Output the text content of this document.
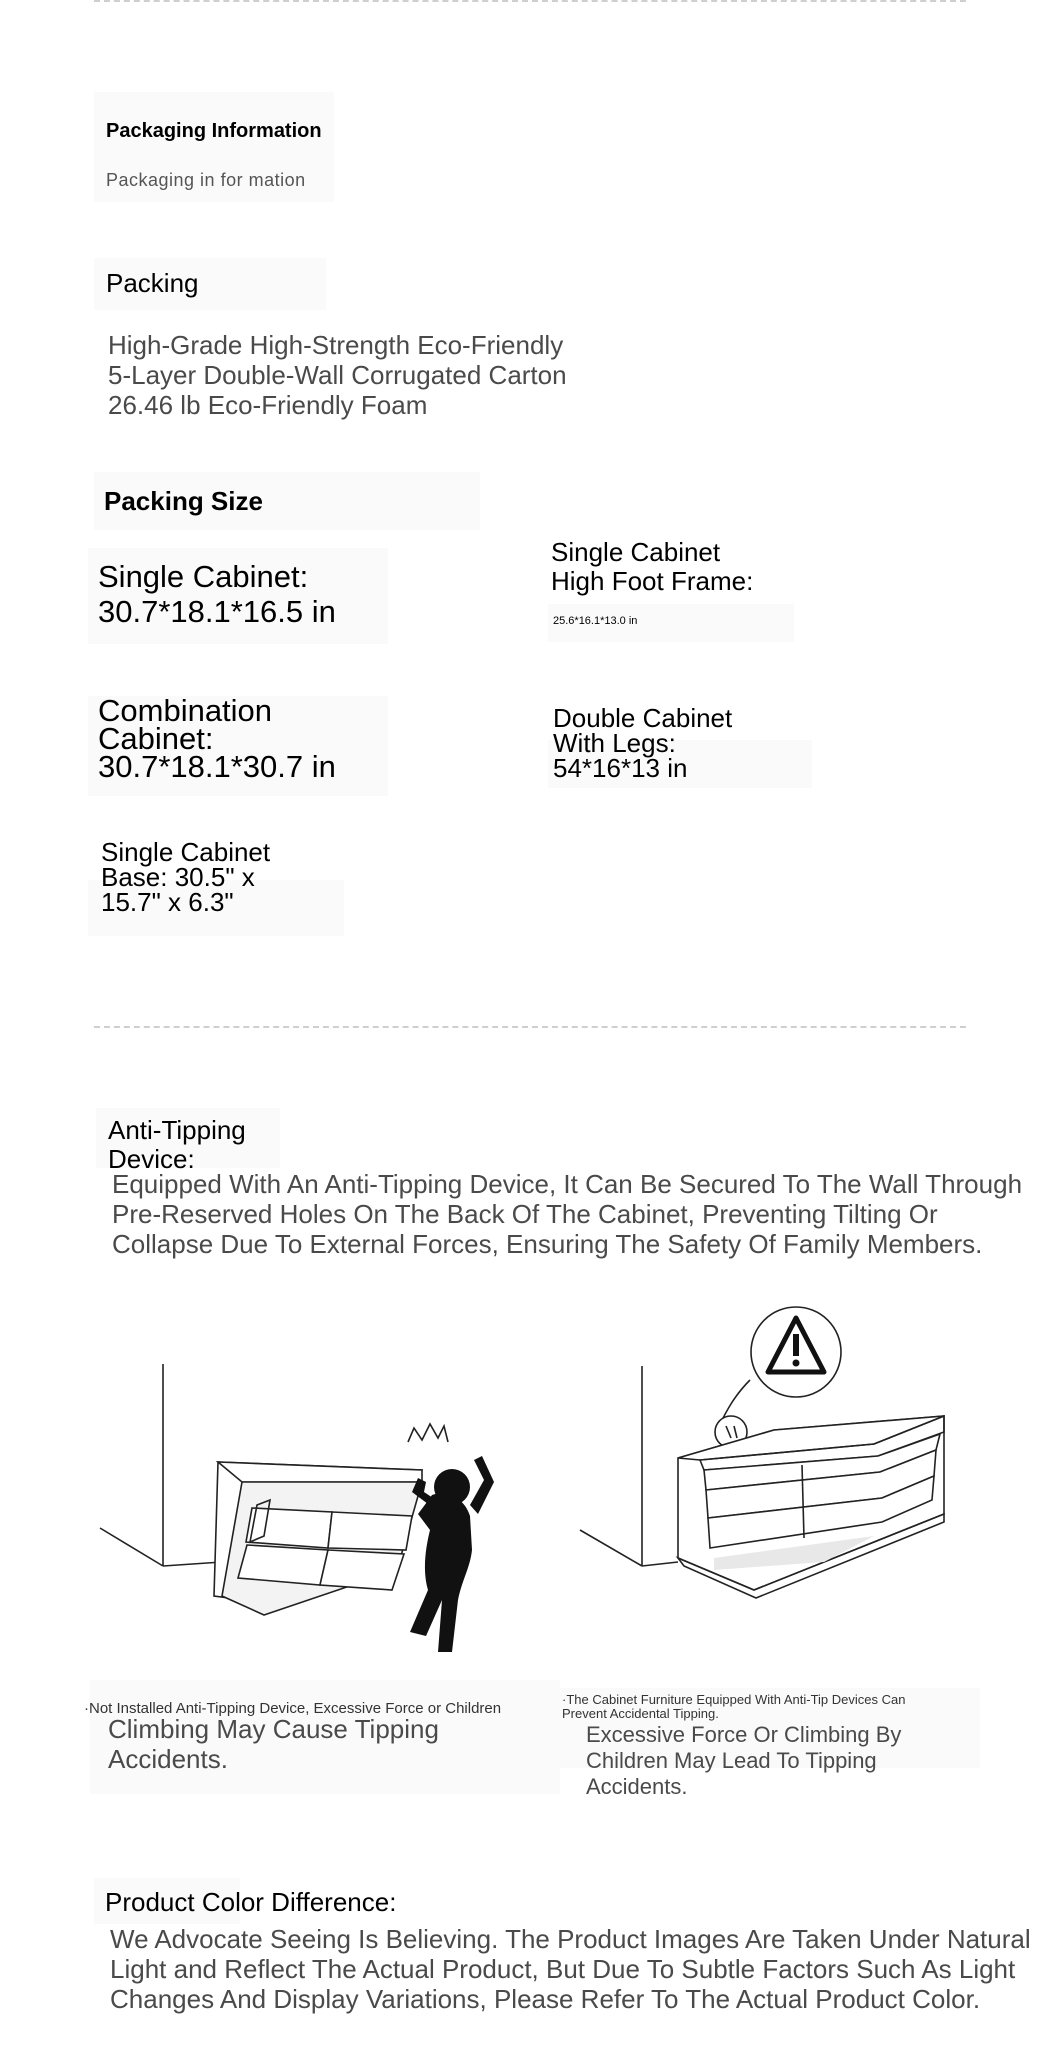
Packaging Information
Packaging in for mation
Packing
High-Grade High-Strength Eco-Friendly
5-Layer Double-Wall Corrugated Carton
26.46 lb Eco-Friendly Foam
Packing Size
Single Cabinet:
30.7*18.1*16.5 in
Single Cabinet
High Foot Frame:
25.6*16.1*13.0 in
Combination
Cabinet:
30.7*18.1*30.7 in
Double Cabinet
With Legs:
54*16*13 in
Single Cabinet
Base: 30.5" x
15.7" x 6.3"
Anti-Tipping
Device:
Equipped With An Anti-Tipping Device, It Can Be Secured To The Wall Through
Pre-Reserved Holes On The Back Of The Cabinet, Preventing Tilting Or
Collapse Due To External Forces, Ensuring The Safety Of Family Members.
·Not Installed Anti-Tipping Device, Excessive Force or Children
Climbing May Cause Tipping
Accidents.
·The Cabinet Furniture Equipped With Anti-Tip Devices Can
Prevent Accidental Tipping.
Excessive Force Or Climbing By
Children May Lead To Tipping
Accidents.
Product Color Difference:
We Advocate Seeing Is Believing. The Product Images Are Taken Under Natural
Light and Reflect The Actual Product, But Due To Subtle Factors Such As Light
Changes And Display Variations, Please Refer To The Actual Product Color.
